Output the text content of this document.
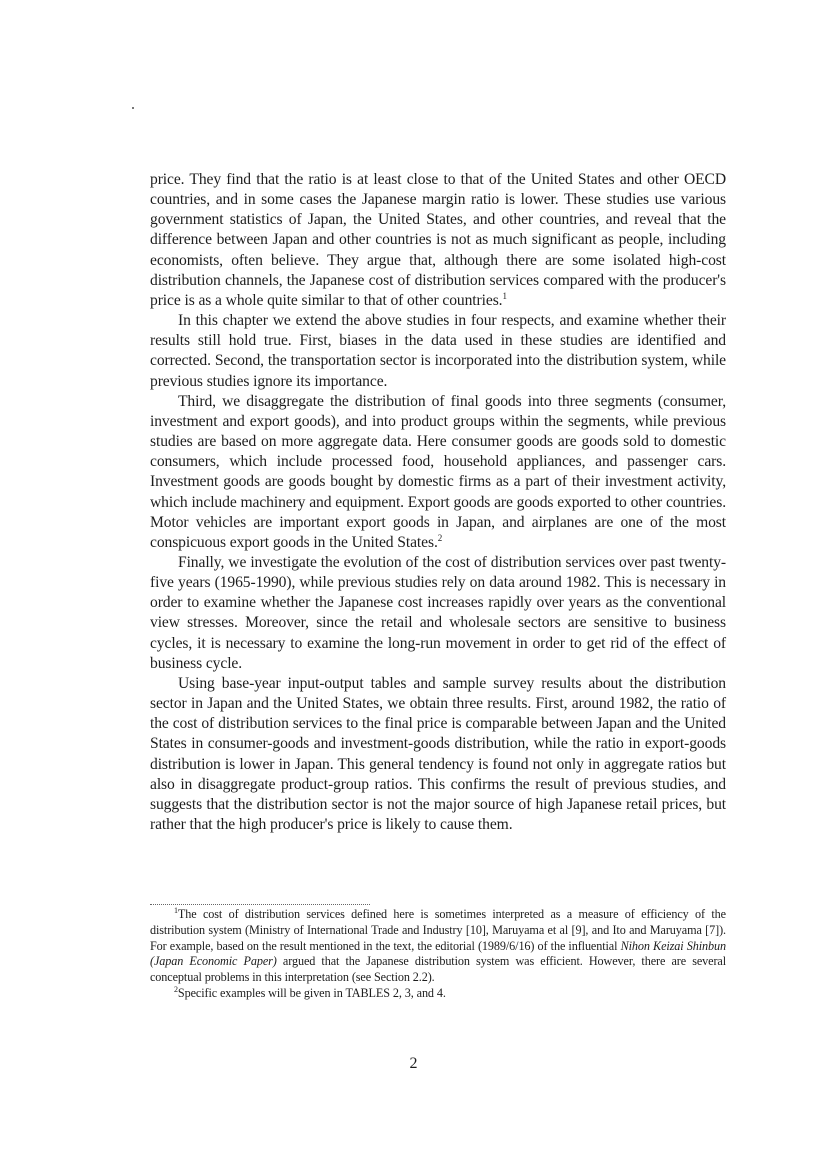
price. They find that the ratio is at least close to that of the United States and other OECD countries, and in some cases the Japanese margin ratio is lower. These studies use various government statistics of Japan, the United States, and other countries, and reveal that the difference between Japan and other countries is not as much significant as people, including economists, often believe. They argue that, although there are some isolated high-cost distribution channels, the Japanese cost of distribution services compared with the producer's price is as a whole quite similar to that of other countries.$^1$

In this chapter we extend the above studies in four respects, and examine whether their results still hold true. First, biases in the data used in these studies are identified and corrected. Second, the transportation sector is incorporated into the distribution system, while previous studies ignore its importance.

Third, we disaggregate the distribution of final goods into three segments (consumer, investment and export goods), and into product groups within the segments, while previous studies are based on more aggregate data. Here consumer goods are goods sold to domestic consumers, which include processed food, household appliances, and passenger cars. Investment goods are goods bought by domestic firms as a part of their investment activity, which include machinery and equipment. Export goods are goods exported to other countries. Motor vehicles are important export goods in Japan, and airplanes are one of the most conspicuous export goods in the United States.$^2$

Finally, we investigate the evolution of the cost of distribution services over past twenty-five years (1965-1990), while previous studies rely on data around 1982. This is necessary in order to examine whether the Japanese cost increases rapidly over years as the conventional view stresses. Moreover, since the retail and wholesale sectors are sensitive to business cycles, it is necessary to examine the long-run movement in order to get rid of the effect of business cycle.

Using base-year input-output tables and sample survey results about the distribution sector in Japan and the United States, we obtain three results. First, around 1982, the ratio of the cost of distribution services to the final price is comparable between Japan and the United States in consumer-goods and investment-goods distribution, while the ratio in export-goods distribution is lower in Japan. This general tendency is found not only in aggregate ratios but also in disaggregate product-group ratios. This confirms the result of previous studies, and suggests that the distribution sector is not the major source of high Japanese retail prices, but rather that the high producer's price is likely to cause them.

$^1$The cost of distribution services defined here is sometimes interpreted as a measure of efficiency of the distribution system (Ministry of International Trade and Industry [10], Maruyama et al [9], and Ito and Maruyama [7]). For example, based on the result mentioned in the text, the editorial (1989/6/16) of the influential Nihon Keizai Shinbun (Japan Economic Paper) argued that the Japanese distribution system was efficient. However, there are several conceptual problems in this interpretation (see Section 2.2).

$^2$Specific examples will be given in TABLES 2, 3, and 4.

2
